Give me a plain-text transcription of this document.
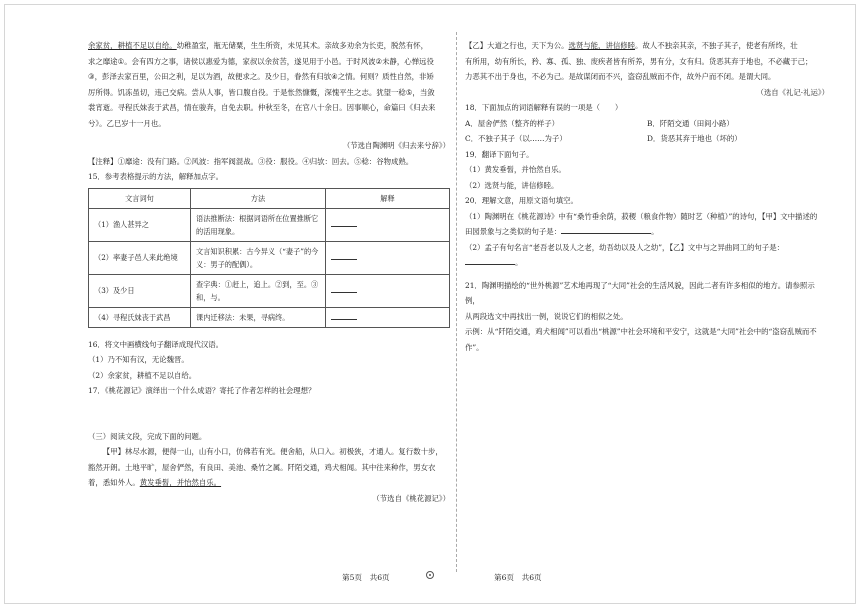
余家贫，耕植不足以自给。幼稚盈室，瓶无储粟，生生所资，未见其术。亲故多劝余为长吏，脱然有怀，

求之靡途①。会有四方之事，诸侯以惠爱为德，家叔以余贫苦，遂见用于小邑。于时风波②未静，心惮远役

③，彭泽去家百里，公田之利，足以为酒，故便求之。及少日，眷然有归欤④之情。何则？质性自然，非矫

厉所得。饥冻虽切，违己交病。尝从人事，皆口腹自役。于是怅然慷慨，深愧平生之志。犹望一稔⑤，当敛

裳宵逝。寻程氏妹丧于武昌，情在骏奔，自免去职。仲秋至冬，在官八十余日。因事顺心，命篇曰《归去来

兮》。乙巳岁十一月也。

（节选自陶渊明《归去来兮辞》）

【注释】①靡途：没有门路。②风波：指军阀混战。③役：服役。④归欤：回去。⑤稔：谷物成熟。

15．参考表格提示的方法，解释加点字。

文言词句	方法	解释
（1）渔人甚异之	语法推断法：根据词语所在位置推断它的活用现象。	
（2）率妻子邑人来此绝境	文言知识积累：古今异义（“妻子”的今义：男子的配偶）。	
（3）及少日	查字典：①赶上，追上。②到，至。③和，与。	
（4）寻程氏妹丧于武昌	课内迁移法：未果，寻病终。	

16．将文中画横线句子翻译成现代汉语。

（1）乃不知有汉，无论魏晋。

（2）余家贫，耕植不足以自给。

17．《桃花源记》演绎出一个什么成语？寄托了作者怎样的社会理想？

（三）阅读文段，完成下面的问题。

【甲】林尽水源，便得一山，山有小口，仿佛若有光。便舍船，从口入。初极狭，才通人。复行数十步，

豁然开朗。土地平旷，屋舍俨然，有良田、美池、桑竹之属。阡陌交通，鸡犬相闻。其中往来种作，男女衣

着，悉如外人。黄发垂髫，并怡然自乐。

（节选自《桃花源记》）

【乙】大道之行也，天下为公。选贤与能，讲信修睦。故人不独亲其亲，不独子其子，使老有所终，壮

有所用，幼有所长，矜、寡、孤、独、废疾者皆有所养，男有分，女有归。货恶其弃于地也，不必藏于己；

力恶其不出于身也，不必为己。是故谋闭而不兴，盗窃乱贼而不作，故外户而不闭。是谓大同。

（选自《礼记·礼运》）

18．下面加点的词语解释有误的一项是（　　）

A．屋舍俨然（整齐的样子）	B．阡陌交通（田间小路）
C．不独子其子（以……为子）	D．货恶其弃于地也（坏的）

19．翻译下面句子。

（1）黄发垂髫，并怡然自乐。

（2）选贤与能，讲信修睦。

20．理解文意，用原文语句填空。

（1）陶渊明在《桃花源诗》中有“桑竹垂余荫，菽稷（粮食作物）随时艺（种植）”的诗句，【甲】文中描述的

田园景象与之类似的句子是：	。

（2）孟子有句名言“老吾老以及人之老，幼吾幼以及人之幼”，【乙】文中与之异曲同工的句子是：

。

21．陶渊明描绘的“世外桃源”艺术地再现了“大同”社会的生活风貌，因此二者有许多相似的地方。请参照示例，

从两段选文中再找出一例，说说它们的相似之处。

示例：从“阡陌交通，鸡犬相闻”可以看出“桃源”中社会环境和平安宁，这就是“大同”社会中的“盗窃乱贼而不

作”。

第5页　共6页	第6页　共6页
